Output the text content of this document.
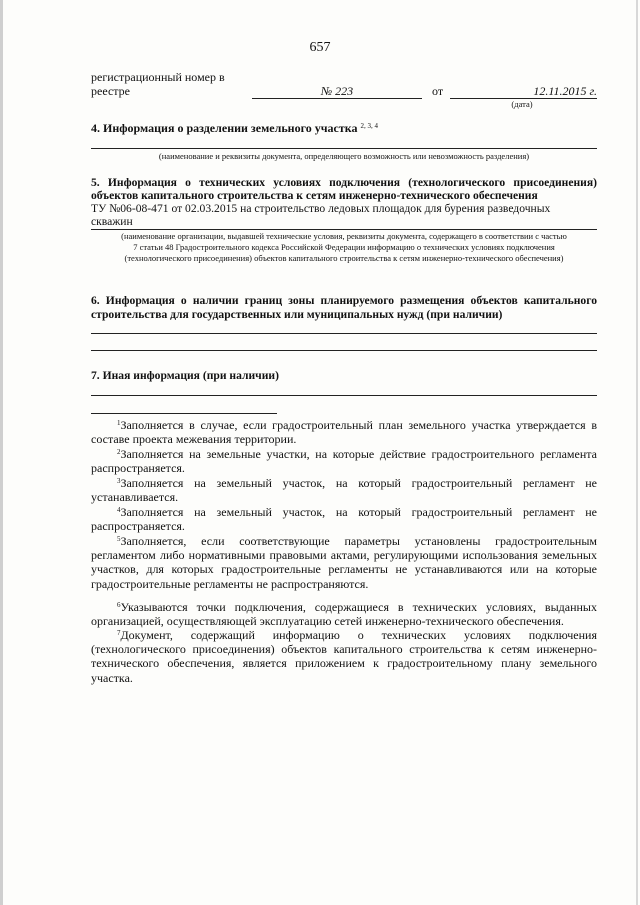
657
регистрационный номер в
реестре	№ 223	от	12.11.2015 г.
(дата)
4. Информация о разделении земельного участка $^{2, 3, 4}$
(наименование и реквизиты документа, определяющего возможность или невозможность разделения)
5. Информация о технических условиях подключения (технологического присоединения)
объектов капитального строительства к сетям инженерно-технического обеспечения
ТУ №06-08-471 от 02.03.2015 на строительство ледовых площадок для бурения разведочных
скважин
(наименование организации, выдавшей технические условия, реквизиты документа, содержащего в соответствии с частью
7 статьи 48 Градостроительного кодекса Российской Федерации информацию о технических условиях подключения
(технологического присоединения) объектов капитального строительства к сетям инженерно-технического обеспечения)
6. Информация о наличии границ зоны планируемого размещения объектов капитального
строительства для государственных или муниципальных нужд (при наличии)
7. Иная информация (при наличии)
$^1$Заполняется в случае, если градостроительный план земельного участка утверждается в составе проекта межевания территории.
$^2$Заполняется на земельные участки, на которые действие градостроительного регламента распространяется.
$^3$Заполняется на земельный участок, на который градостроительный регламент не устанавливается.
$^4$Заполняется на земельный участок, на который градостроительный регламент не распространяется.
$^5$Заполняется, если соответствующие параметры установлены градостроительным регламентом либо нормативными правовыми актами, регулирующими использования земельных участков, для которых градостроительные регламенты не устанавливаются или на которые градостроительные регламенты не распространяются.
$^6$Указываются точки подключения, содержащиеся в технических условиях, выданных организацией, осуществляющей эксплуатацию сетей инженерно-технического обеспечения.
$^7$Документ, содержащий информацию о технических условиях подключения (технологического присоединения) объектов капитального строительства к сетям инженерно-технического обеспечения, является приложением к градостроительному плану земельного участка.
